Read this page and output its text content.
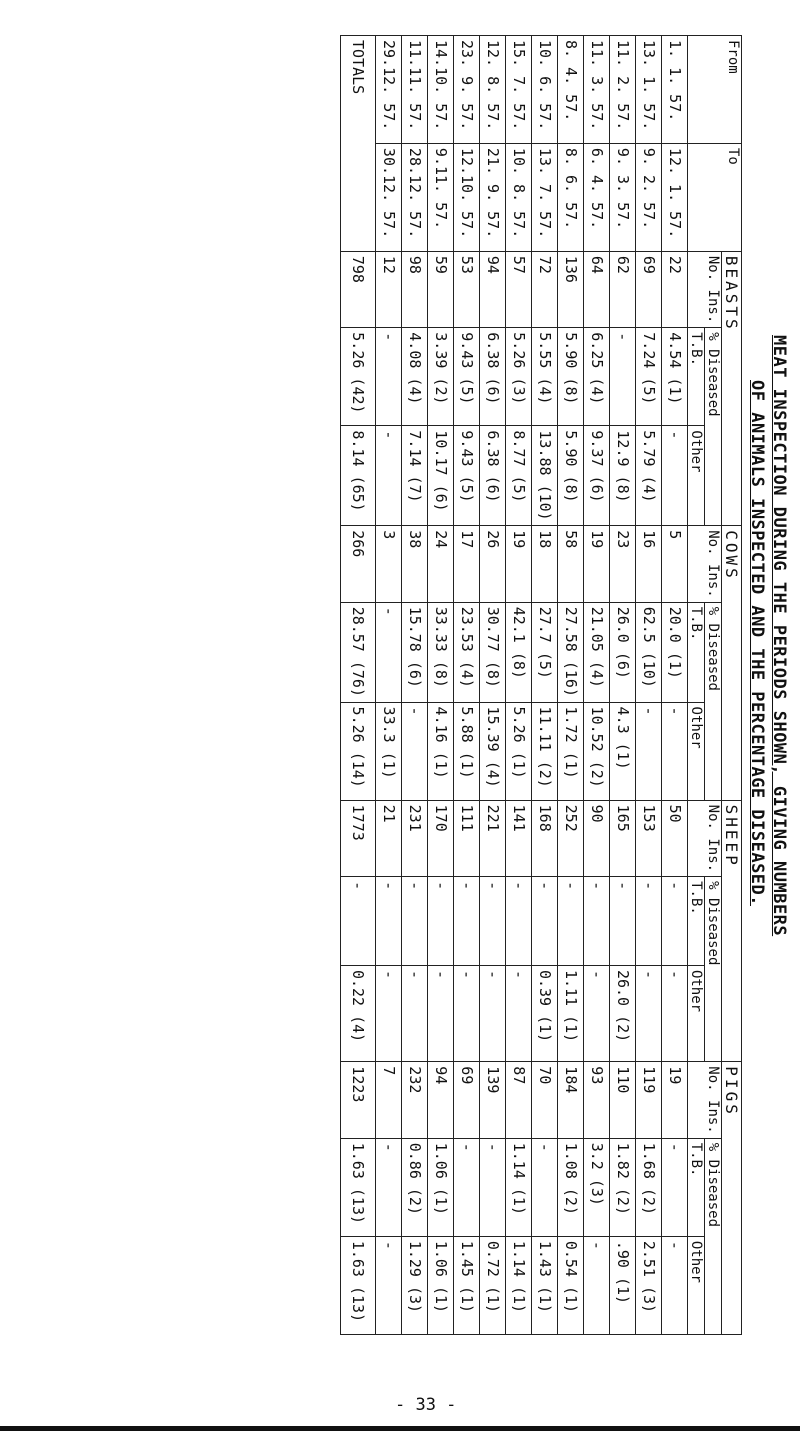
MEAT INSPECTION DURING THE PERIODS SHOWN, GIVING NUMBERS
OF ANIMALS INSPECTED AND THE PERCENTAGE DISEASED.
From	To	BEASTS			COWS			SHEEP			PIGS		
		No. Ins.	% Diseased		No. Ins.	% Diseased		No. Ins.	% Diseased		No. Ins.	% Diseased	
			T.B.	Other		T.B.	Other		T.B.	Other		T.B.	Other
1. 1. 57.	12. 1. 57.	22	4.54 (1)	-	5	20.0 (1)	-	50	-	-	19	-	-
13. 1. 57.	9. 2. 57.	69	7.24 (5)	5.79 (4)	16	62.5 (10)	-	153	-	-	119	1.68 (2)	2.51 (3)
11. 2. 57.	9. 3. 57.	62	-	12.9 (8)	23	26.0 (6)	4.3 (1)	165	-	26.0 (2)	110	1.82 (2)	.90 (1)
11. 3. 57.	6. 4. 57.	64	6.25 (4)	9.37 (6)	19	21.05 (4)	10.52 (2)	90	-	-	93	3.2 (3)	-
8. 4. 57.	8. 6. 57.	136	5.90 (8)	5.90 (8)	58	27.58 (16)	1.72 (1)	252	-	1.11 (1)	184	1.08 (2)	0.54 (1)
10. 6. 57.	13. 7. 57.	72	5.55 (4)	13.88 (10)	18	27.7 (5)	11.11 (2)	168	-	0.39 (1)	70	-	1.43 (1)
15. 7. 57.	10. 8. 57.	57	5.26 (3)	8.77 (5)	19	42.1 (8)	5.26 (1)	141	-	-	87	1.14 (1)	1.14 (1)
12. 8. 57.	21. 9. 57.	94	6.38 (6)	6.38 (6)	26	30.77 (8)	15.39 (4)	221	-	-	139	-	0.72 (1)
23. 9. 57.	12.10. 57.	53	9.43 (5)	9.43 (5)	17	23.53 (4)	5.88 (1)	111	-	-	69	-	1.45 (1)
14.10. 57.	9.11. 57.	59	3.39 (2)	10.17 (6)	24	33.33 (8)	4.16 (1)	170	-	-	94	1.06 (1)	1.06 (1)
11.11. 57.	28.12. 57.	98	4.08 (4)	7.14 (7)	38	15.78 (6)	-	231	-	-	232	0.86 (2)	1.29 (3)
29.12. 57.	30.12. 57.	12	-	-	3	-	33.3 (1)	21	-	-	7	-	-
TOTALS		798	5.26 (42)	8.14 (65)	266	28.57 (76)	5.26 (14)	1773	-	0.22 (4)	1223	1.63 (13)	1.63 (13)
- 33 -
